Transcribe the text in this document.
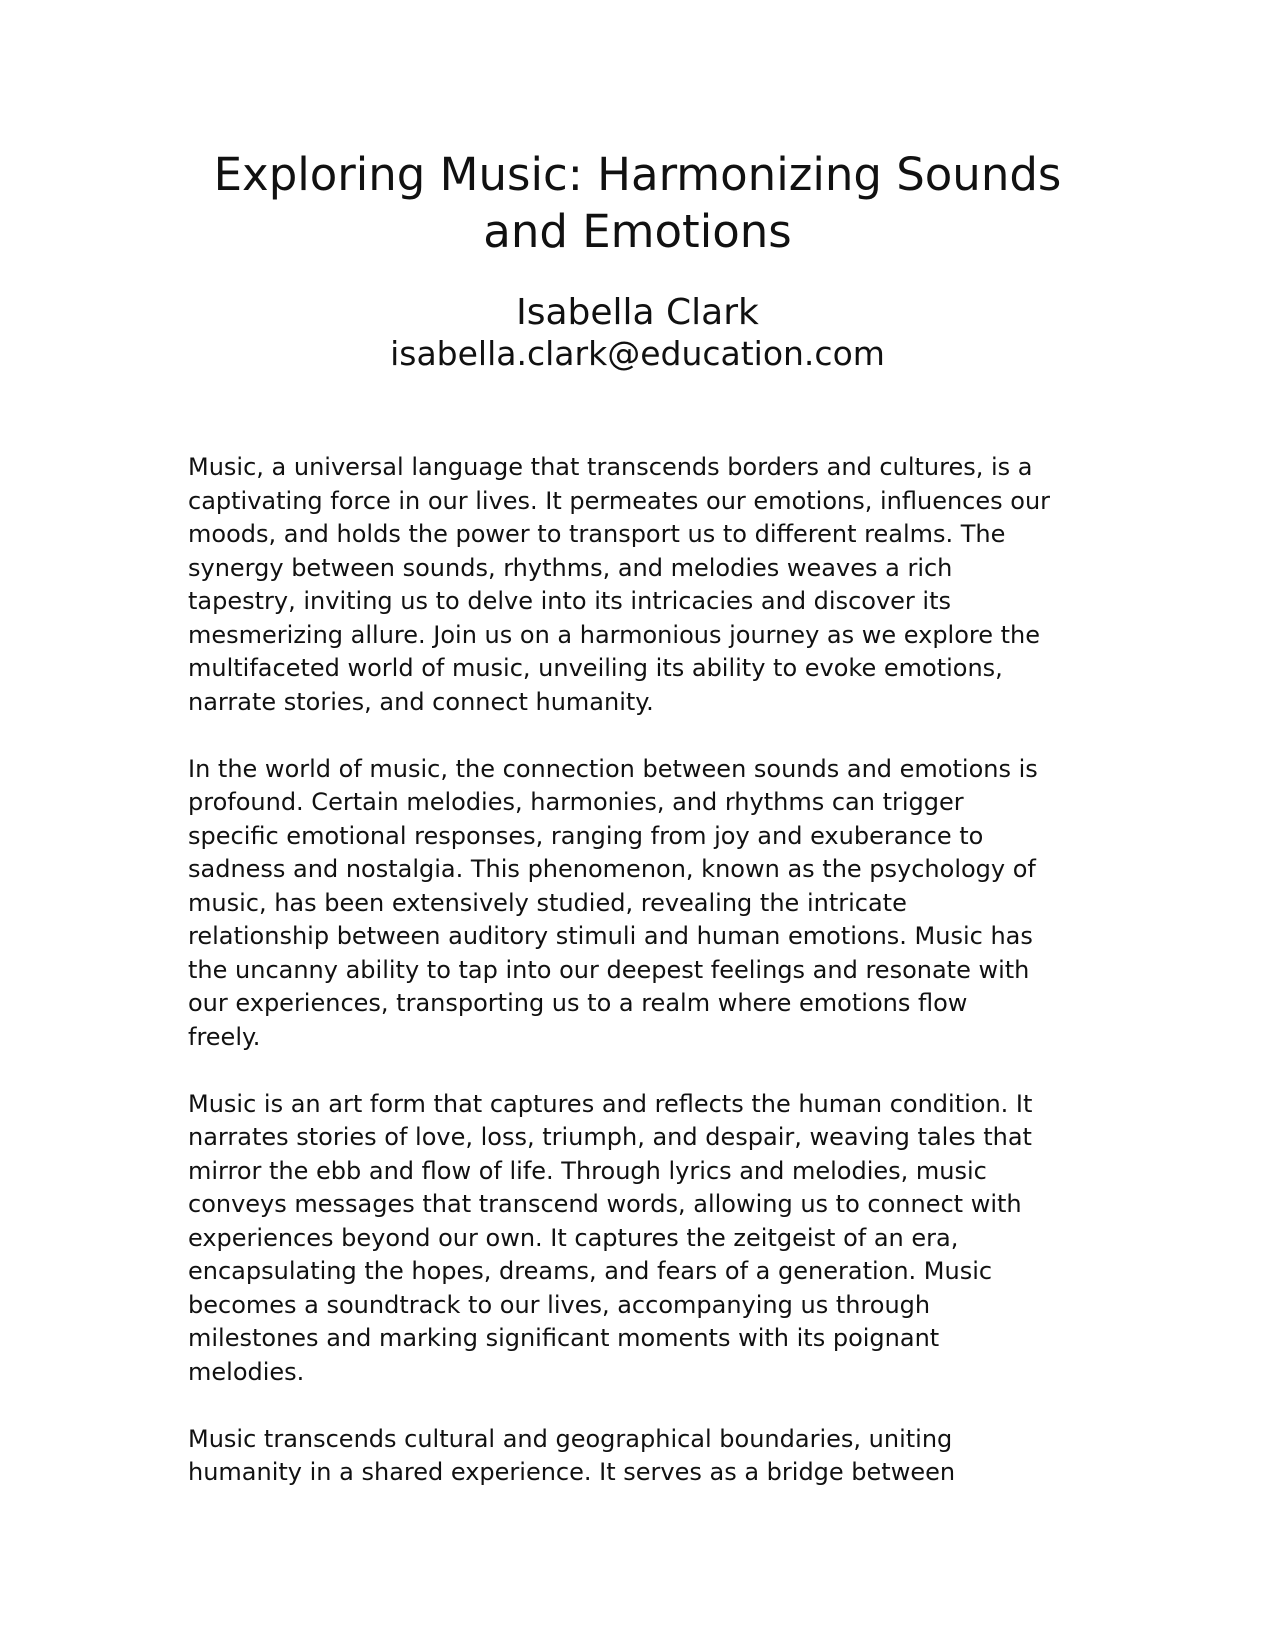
Exploring Music: Harmonizing Sounds
and Emotions
Isabella Clark
isabella.clark@education.com

Music, a universal language that transcends borders and cultures, is a
captivating force in our lives. It permeates our emotions, influences our
moods, and holds the power to transport us to different realms. The
synergy between sounds, rhythms, and melodies weaves a rich
tapestry, inviting us to delve into its intricacies and discover its
mesmerizing allure. Join us on a harmonious journey as we explore the
multifaceted world of music, unveiling its ability to evoke emotions,
narrate stories, and connect humanity.

In the world of music, the connection between sounds and emotions is
profound. Certain melodies, harmonies, and rhythms can trigger
specific emotional responses, ranging from joy and exuberance to
sadness and nostalgia. This phenomenon, known as the psychology of
music, has been extensively studied, revealing the intricate
relationship between auditory stimuli and human emotions. Music has
the uncanny ability to tap into our deepest feelings and resonate with
our experiences, transporting us to a realm where emotions flow
freely.

Music is an art form that captures and reflects the human condition. It
narrates stories of love, loss, triumph, and despair, weaving tales that
mirror the ebb and flow of life. Through lyrics and melodies, music
conveys messages that transcend words, allowing us to connect with
experiences beyond our own. It captures the zeitgeist of an era,
encapsulating the hopes, dreams, and fears of a generation. Music
becomes a soundtrack to our lives, accompanying us through
milestones and marking significant moments with its poignant
melodies.

Music transcends cultural and geographical boundaries, uniting
humanity in a shared experience. It serves as a bridge between
